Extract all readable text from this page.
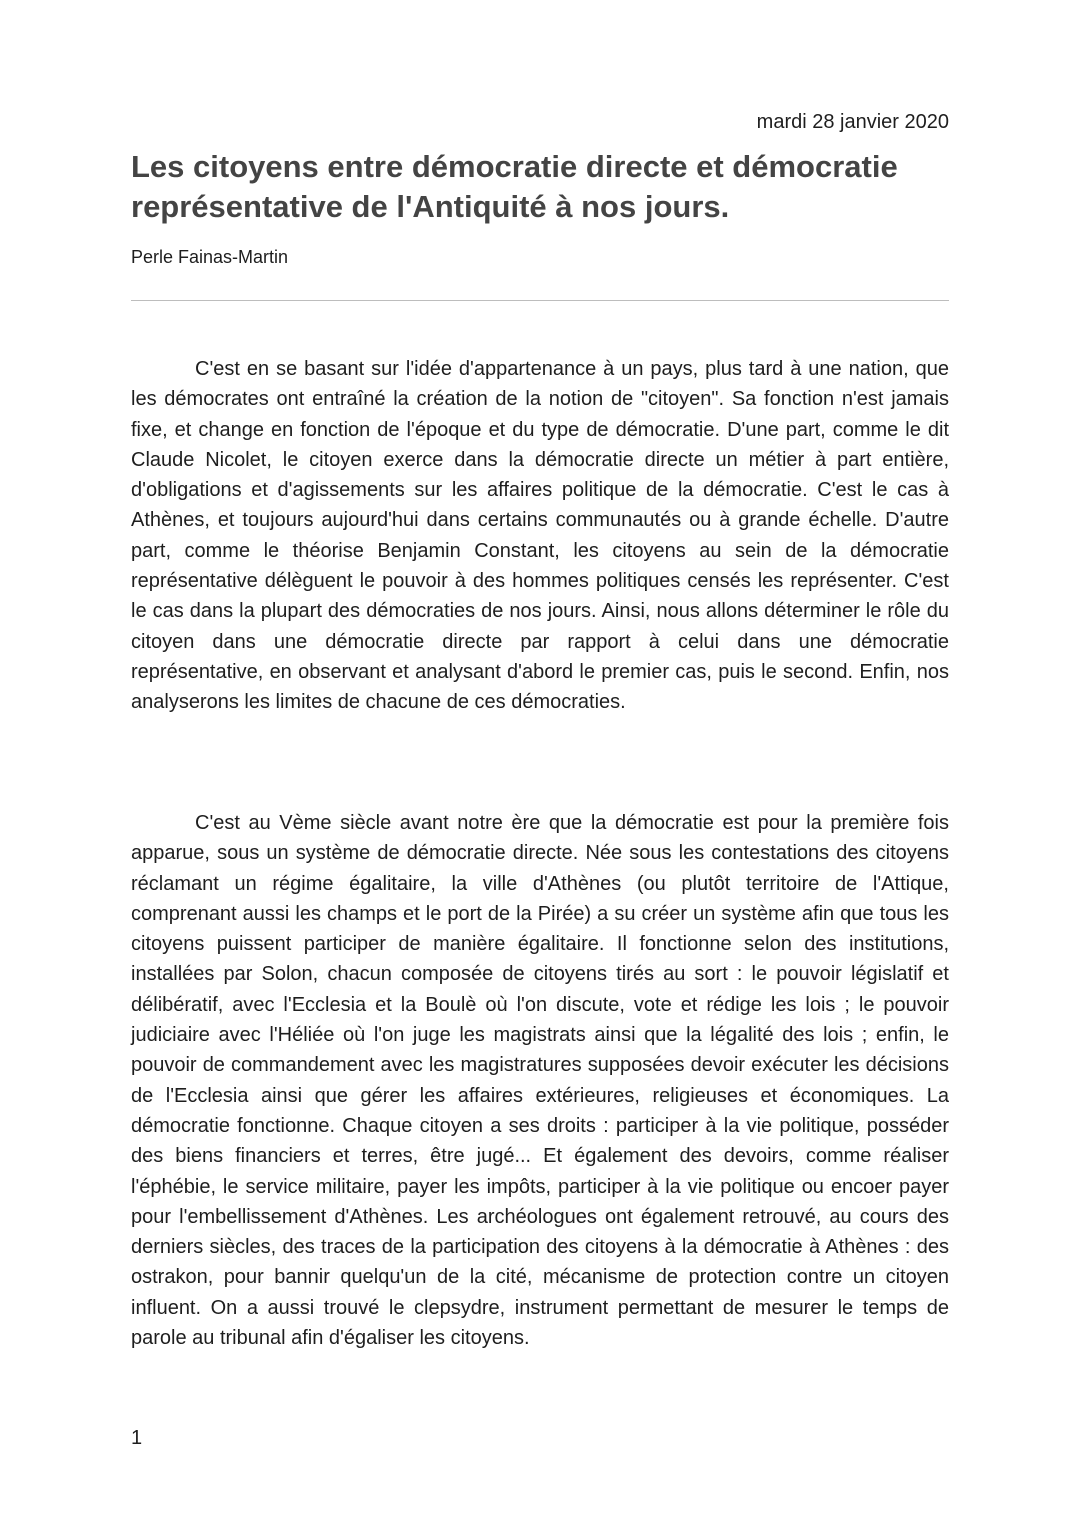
mardi 28 janvier 2020
Les citoyens entre démocratie directe et démocratie représentative de l'Antiquité à nos jours.
Perle Fainas-Martin

C'est en se basant sur l'idée d'appartenance à un pays, plus tard à une nation, que les démocrates ont entraîné la création de la notion de "citoyen". Sa fonction n'est jamais fixe, et change en fonction de l'époque et du type de démocratie. D'une part, comme le dit Claude Nicolet, le citoyen exerce dans la démocratie directe un métier à part entière, d'obligations et d'agissements sur les affaires politique de la démocratie. C'est le cas à Athènes, et toujours aujourd'hui dans certains communautés ou à grande échelle. D'autre part, comme le théorise Benjamin Constant, les citoyens au sein de la démocratie représentative délèguent le pouvoir à des hommes politiques censés les représenter. C'est le cas dans la plupart des démocraties de nos jours. Ainsi, nous allons déterminer le rôle du citoyen dans une démocratie directe par rapport à celui dans une démocratie représentative, en observant et analysant d'abord le premier cas, puis le second. Enfin, nos analyserons les limites de chacune de ces démocraties.

C'est au Vème siècle avant notre ère que la démocratie est pour la première fois apparue, sous un système de démocratie directe. Née sous les contestations des citoyens réclamant un régime égalitaire, la ville d'Athènes (ou plutôt territoire de l'Attique, comprenant aussi les champs et le port de la Pirée) a su créer un système afin que tous les citoyens puissent participer de manière égalitaire. Il fonctionne selon des institutions, installées par Solon, chacun composée de citoyens tirés au sort : le pouvoir législatif et délibératif, avec l'Ecclesia et la Boulè où l'on discute, vote et rédige les lois ; le pouvoir judiciaire avec l'Héliée où l'on juge les magistrats ainsi que la légalité des lois ; enfin, le pouvoir de commandement avec les magistratures supposées devoir exécuter les décisions de l'Ecclesia ainsi que gérer les affaires extérieures, religieuses et économiques. La démocratie fonctionne. Chaque citoyen a ses droits : participer à la vie politique, posséder des biens financiers et terres, être jugé... Et également des devoirs, comme réaliser l'éphébie, le service militaire, payer les impôts, participer à la vie politique ou encoer payer pour l'embellissement d'Athènes. Les archéologues ont également retrouvé, au cours des derniers siècles, des traces de la participation des citoyens à la démocratie à Athènes : des ostrakon, pour bannir quelqu'un de la cité, mécanisme de protection contre un citoyen influent. On a aussi trouvé le clepsydre, instrument permettant de mesurer le temps de parole au tribunal afin d'égaliser les citoyens.

1
